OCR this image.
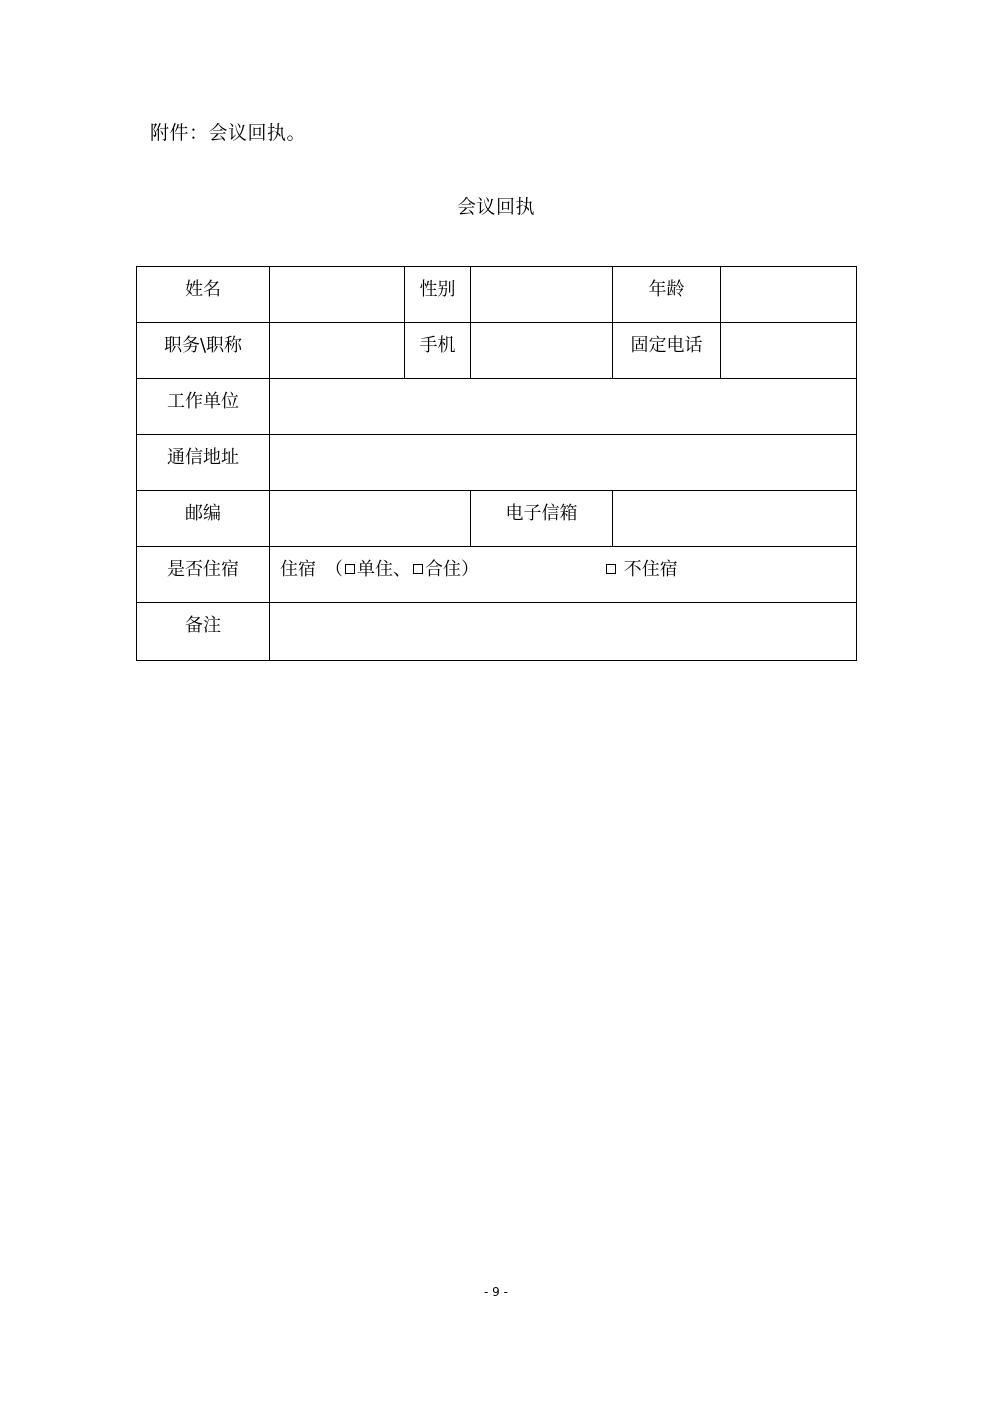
附件：会议回执。
会议回执
姓名		性别		年龄	

职务\职称		手机		固定电话	

工作单位					

通信地址					

邮编			电子信箱		

是否住宿	住宿　（ 单住、 合住） 不住宿				

备注					

- 9 -
